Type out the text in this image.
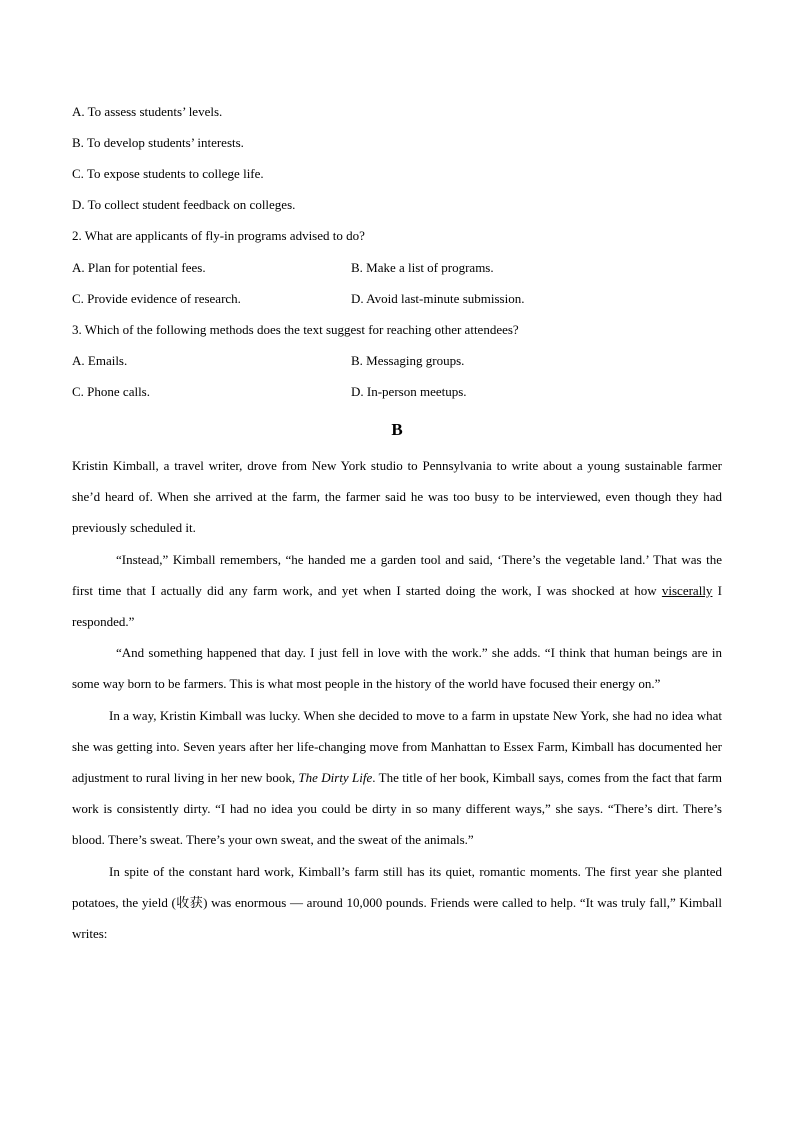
A. To assess students’ levels.
B. To develop students’ interests.
C. To expose students to college life.
D. To collect student feedback on colleges.
2. What are applicants of fly-in programs advised to do?
A. Plan for potential fees.	B. Make a list of programs.
C. Provide evidence of research.	D. Avoid last-minute submission.
3. Which of the following methods does the text suggest for reaching other attendees?
A. Emails.	B. Messaging groups.
C. Phone calls.	D. In-person meetups.
B

Kristin Kimball, a travel writer, drove from New York studio to Pennsylvania to write about a young sustainable farmer she’d heard of. When she arrived at the farm, the farmer said he was too busy to be interviewed, even though they had previously scheduled it.

“Instead,” Kimball remembers, “he handed me a garden tool and said, ‘There’s the vegetable land.’ That was the first time that I actually did any farm work, and yet when I started doing the work, I was shocked at how viscerally I responded.”

“And something happened that day. I just fell in love with the work.” she adds. “I think that human beings are in some way born to be farmers. This is what most people in the history of the world have focused their energy on.”

In a way, Kristin Kimball was lucky. When she decided to move to a farm in upstate New York, she had no idea what she was getting into. Seven years after her life-changing move from Manhattan to Essex Farm, Kimball has documented her adjustment to rural living in her new book, The Dirty Life. The title of her book, Kimball says, comes from the fact that farm work is consistently dirty. “I had no idea you could be dirty in so many different ways,” she says. “There’s dirt. There’s blood. There’s sweat. There’s your own sweat, and the sweat of the animals.”

In spite of the constant hard work, Kimball’s farm still has its quiet, romantic moments. The first year she planted potatoes, the yield (收获) was enormous — around 10,000 pounds. Friends were called to help. “It was truly fall,” Kimball writes:
